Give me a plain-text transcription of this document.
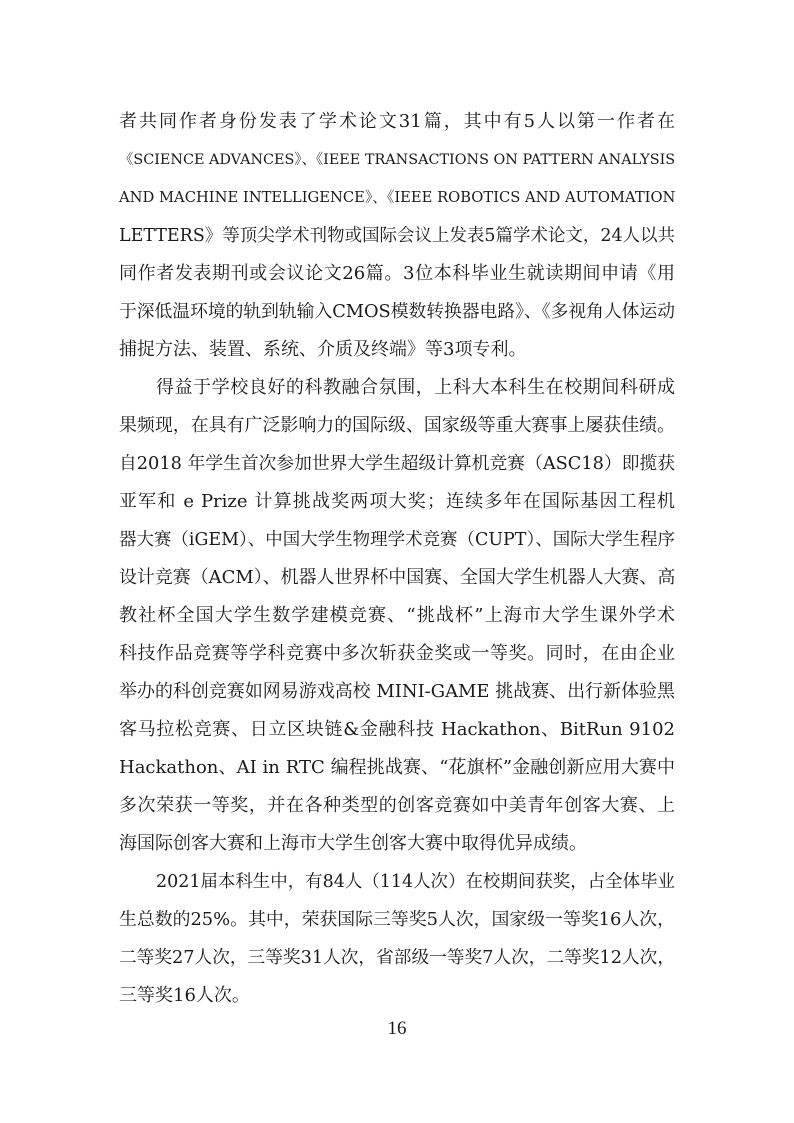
者共同作者身份发表了学术论文31篇，其中有5人以第一作者在
《SCIENCE ADVANCES》、《IEEE TRANSACTIONS ON PATTERN ANALYSIS
AND MACHINE INTELLIGENCE》、《IEEE ROBOTICS AND AUTOMATION
LETTERS》等顶尖学术刊物或国际会议上发表5篇学术论文，24人以共
同作者发表期刊或会议论文26篇。3位本科毕业生就读期间申请《用
于深低温环境的轨到轨输入CMOS模数转换器电路》、《多视角人体运动
捕捉方法、装置、系统、介质及终端》等3项专利。
得益于学校良好的科教融合氛围，上科大本科生在校期间科研成
果频现，在具有广泛影响力的国际级、国家级等重大赛事上屡获佳绩。
自2018 年学生首次参加世界大学生超级计算机竞赛（ASC18）即揽获
亚军和 e Prize 计算挑战奖两项大奖；连续多年在国际基因工程机
器大赛（iGEM）、中国大学生物理学术竞赛（CUPT）、国际大学生程序
设计竞赛（ACM）、机器人世界杯中国赛、全国大学生机器人大赛、高
教社杯全国大学生数学建模竞赛、“挑战杯”上海市大学生课外学术
科技作品竞赛等学科竞赛中多次斩获金奖或一等奖。同时，在由企业
举办的科创竞赛如网易游戏高校 MINI-GAME 挑战赛、出行新体验黑
客马拉松竞赛、日立区块链&金融科技 Hackathon、BitRun 9102
Hackathon、AI in RTC 编程挑战赛、“花旗杯”金融创新应用大赛中
多次荣获一等奖，并在各种类型的创客竞赛如中美青年创客大赛、上
海国际创客大赛和上海市大学生创客大赛中取得优异成绩。
2021届本科生中，有84人（114人次）在校期间获奖，占全体毕业
生总数的25%。其中，荣获国际三等奖5人次，国家级一等奖16人次，
二等奖27人次，三等奖31人次，省部级一等奖7人次，二等奖12人次，
三等奖16人次。
16
